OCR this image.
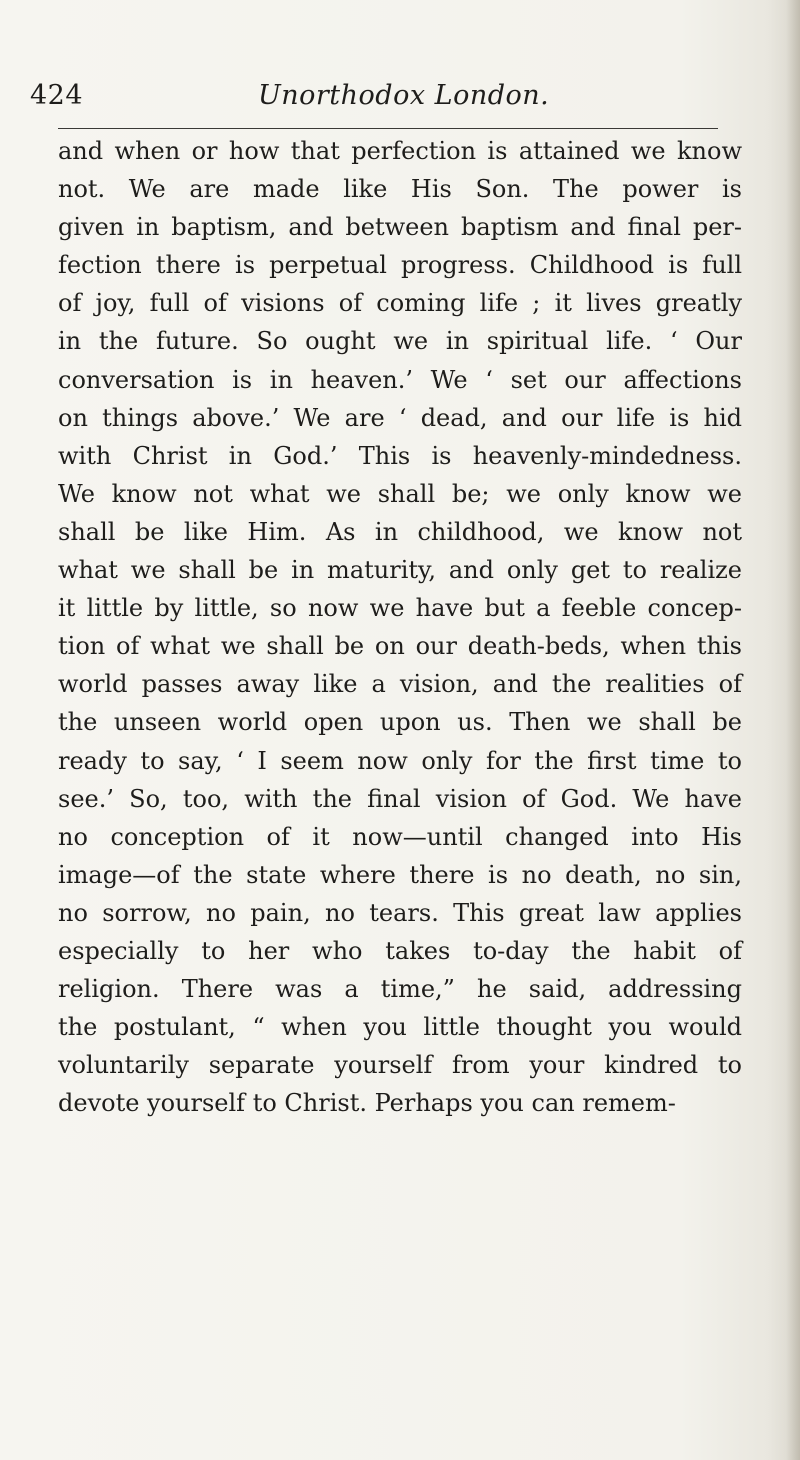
424	Unorthodox London.
and when or how that perfection is attained we know
not. We are made like His Son. The power is
given in baptism, and between baptism and final per-
fection there is perpetual progress. Childhood is full
of joy, full of visions of coming life ; it lives greatly
in the future. So ought we in spiritual life. ‘ Our
conversation is in heaven.’ We ‘ set our affections
on things above.’ We are ‘ dead, and our life is hid
with Christ in God.’ This is heavenly-mindedness.
We know not what we shall be; we only know we
shall be like Him. As in childhood, we know not
what we shall be in maturity, and only get to realize
it little by little, so now we have but a feeble concep-
tion of what we shall be on our death-beds, when this
world passes away like a vision, and the realities of
the unseen world open upon us. Then we shall be
ready to say, ‘ I seem now only for the first time to
see.’ So, too, with the final vision of God. We have
no conception of it now—until changed into His
image—of the state where there is no death, no sin,
no sorrow, no pain, no tears. This great law applies
especially to her who takes to-day the habit of
religion. There was a time,” he said, addressing
the postulant, “ when you little thought you would
voluntarily separate yourself from your kindred to
devote yourself to Christ. Perhaps you can remem-
